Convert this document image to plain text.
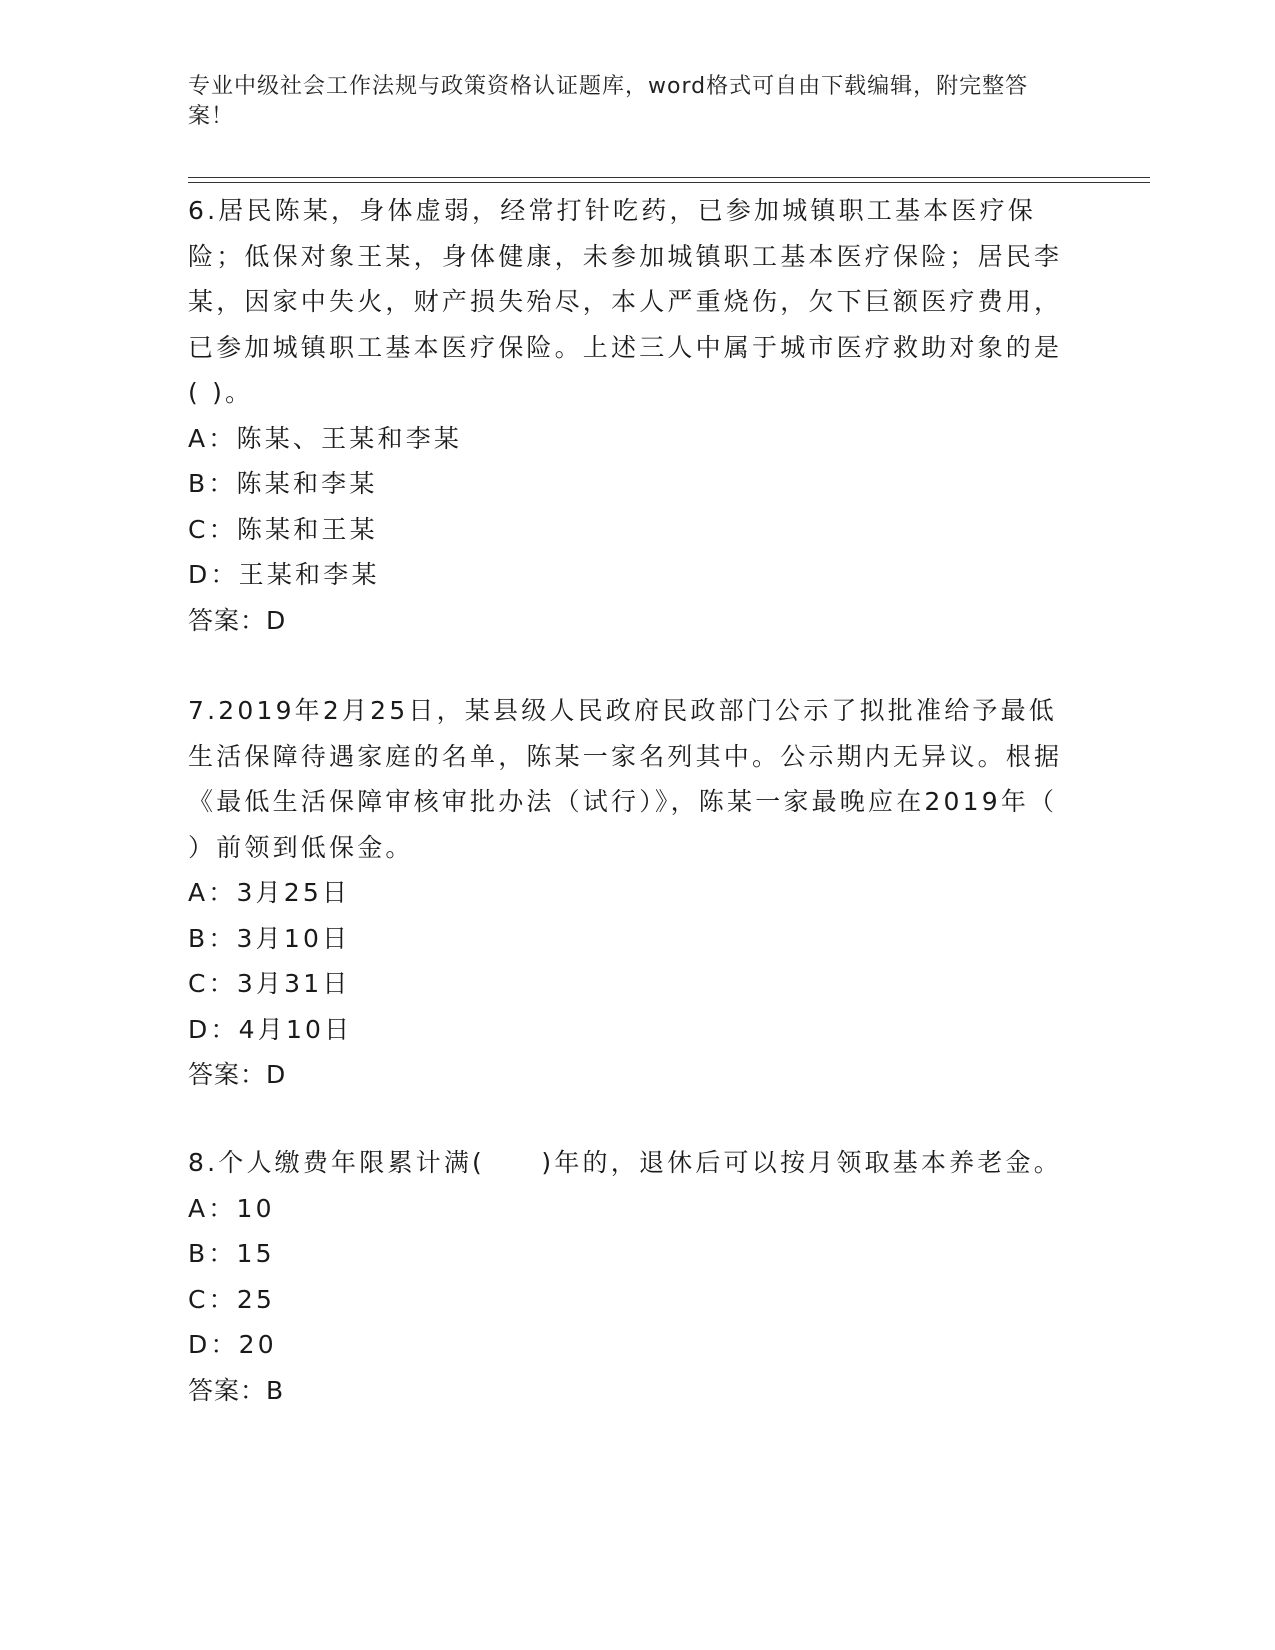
专业中级社会工作法规与政策资格认证题库，word格式可自由下载编辑，附完整答案！

6.居民陈某，身体虚弱，经常打针吃药，已参加城镇职工基本医疗保险；低保对象王某，身体健康，未参加城镇职工基本医疗保险；居民李某，因家中失火，财产损失殆尽，本人严重烧伤，欠下巨额医疗费用，已参加城镇职工基本医疗保险。上述三人中属于城市医疗救助对象的是( )。

A：陈某、王某和李某

B：陈某和李某

C：陈某和王某

D：王某和李某

答案：D

7.2019年2月25日，某县级人民政府民政部门公示了拟批准给予最低生活保障待遇家庭的名单，陈某一家名列其中。公示期内无异议。根据《最低生活保障审核审批办法（试行）》，陈某一家最晚应在2019年（ ）前领到低保金。

A：3月25日

B：3月10日

C：3月31日

D：4月10日

答案：D

8.个人缴费年限累计满(　　)年的，退休后可以按月领取基本养老金。

A：10

B：15

C：25

D：20

答案：B
